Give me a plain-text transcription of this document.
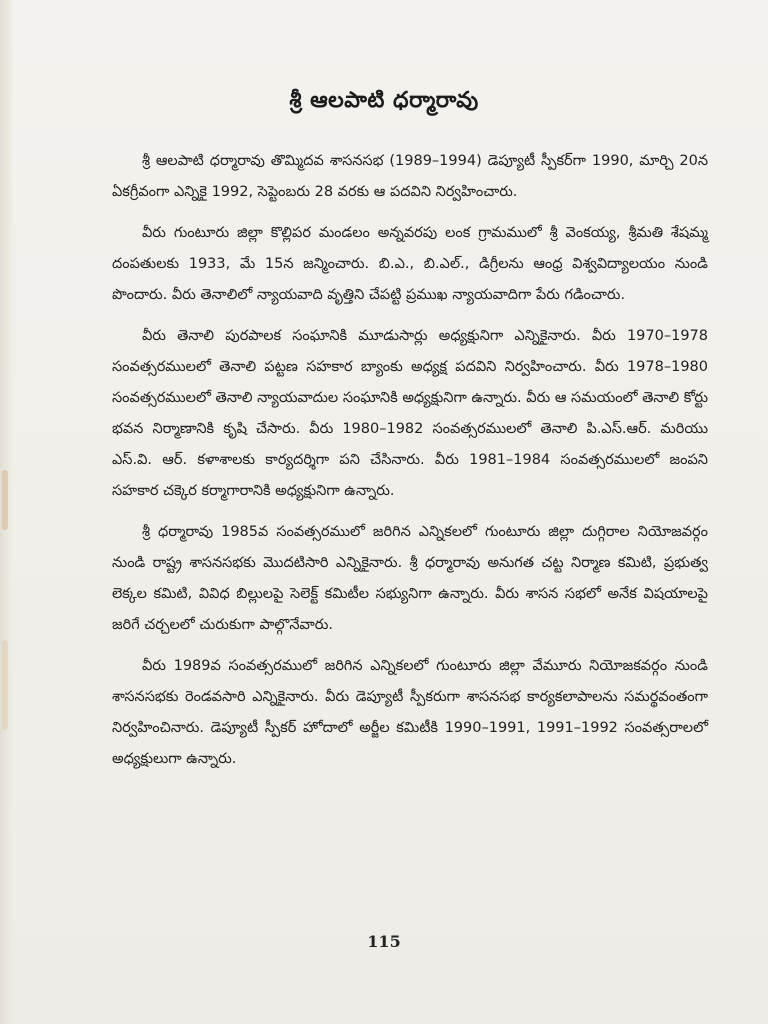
శ్రీ ఆలపాటి ధర్మారావు

శ్రీ ఆలపాటి ధర్మారావు తొమ్మిదవ శాసనసభ (1989–1994) డెప్యూటీ స్పీకర్‌గా 1990, మార్చి 20న ఏకగ్రీవంగా ఎన్నికై 1992, సెప్టెంబరు 28 వరకు ఆ పదవిని నిర్వహించారు.

వీరు గుంటూరు జిల్లా కొల్లిపర మండలం అన్నవరపు లంక గ్రామములో శ్రీ వెంకయ్య, శ్రీమతి శేషమ్మ దంపతులకు 1933, మే 15న జన్మించారు. బి.ఎ., బి.ఎల్., డిగ్రీలను ఆంధ్ర విశ్వవిద్యాలయం నుండి పొందారు. వీరు తెనాలిలో న్యాయవాది వృత్తిని చేపట్టి ప్రముఖ న్యాయవాదిగా పేరు గడించారు.

వీరు తెనాలి పురపాలక సంఘానికి మూడుసార్లు అధ్యక్షునిగా ఎన్నికైనారు. వీరు 1970–1978 సంవత్సరములలో తెనాలి పట్టణ సహకార బ్యాంకు అధ్యక్ష పదవిని నిర్వహించారు. వీరు 1978–1980 సంవత్సరములలో తెనాలి న్యాయవాదుల సంఘానికి అధ్యక్షునిగా ఉన్నారు. వీరు ఆ సమయంలో తెనాలి కోర్టు భవన నిర్మాణానికి కృషి చేసారు. వీరు 1980–1982 సంవత్సరములలో తెనాలి పి.ఎస్.ఆర్. మరియు ఎస్.వి. ఆర్. కళాశాలకు కార్యదర్శిగా పని చేసినారు. వీరు 1981–1984 సంవత్సరములలో జంపని సహకార చక్కెర కర్మాగారానికి అధ్యక్షునిగా ఉన్నారు.

శ్రీ ధర్మారావు 1985వ సంవత్సరములో జరిగిన ఎన్నికలలో గుంటూరు జిల్లా దుగ్గిరాల నియోజవర్గం నుండి రాష్ట్ర శాసనసభకు మొదటిసారి ఎన్నికైనారు. శ్రీ ధర్మారావు అనుగత చట్ట నిర్మాణ కమిటి, ప్రభుత్వ లెక్కల కమిటి, వివిధ బిల్లులపై సెలెక్ట్ కమిటీల సభ్యునిగా ఉన్నారు. వీరు శాసన సభలో అనేక విషయాలపై జరిగే చర్చలలో చురుకుగా పాల్గొనేవారు.

వీరు 1989వ సంవత్సరములో జరిగిన ఎన్నికలలో గుంటూరు జిల్లా వేమూరు నియోజకవర్గం నుండి శాసనసభకు రెండవసారి ఎన్నికైనారు. వీరు డెప్యూటీ స్పీకరుగా శాసనసభ కార్యకలాపాలను సమర్థవంతంగా నిర్వహించినారు. డెప్యూటీ స్పీకర్ హోదాలో అర్జీల కమిటీకి 1990–1991, 1991–1992 సంవత్సరాలలో అధ్యక్షులుగా ఉన్నారు.

115
